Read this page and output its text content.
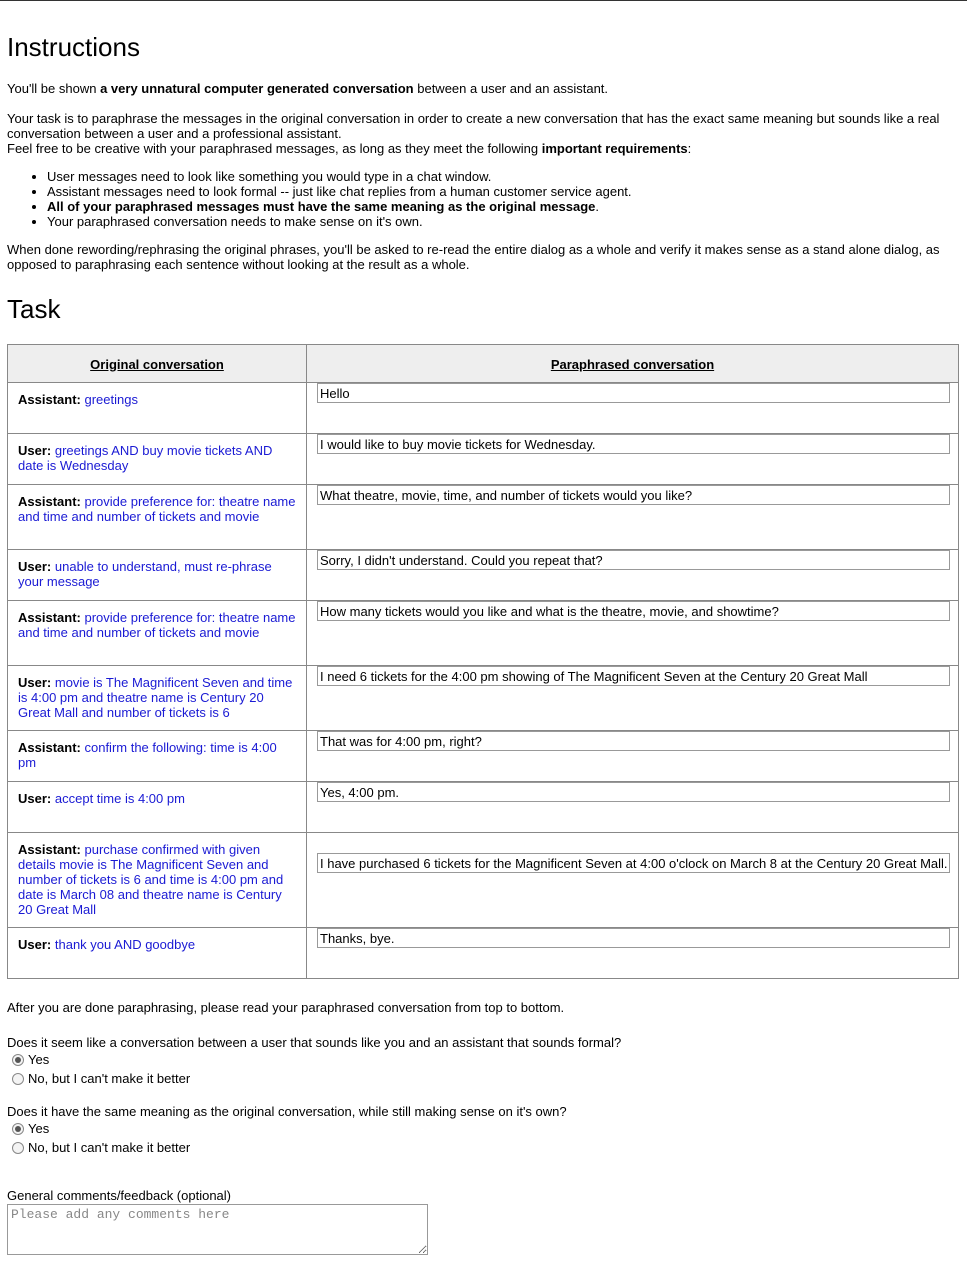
Instructions

You'll be shown a very unnatural computer generated conversation between a user and an assistant.

Your task is to paraphrase the messages in the original conversation in order to create a new conversation that has the exact same meaning but sounds like a real conversation between a user and a professional assistant.

Feel free to be creative with your paraphrased messages, as long as they meet the following important requirements:

• User messages need to look like something you would type in a chat window.
• Assistant messages need to look formal -- just like chat replies from a human customer service agent.
• All of your paraphrased messages must have the same meaning as the original message.
• Your paraphrased conversation needs to make sense on it's own.

When done rewording/rephrasing the original phrases, you'll be asked to re-read the entire dialog as a whole and verify it makes sense as a stand alone dialog, as opposed to paraphrasing each sentence without looking at the result as a whole.

Task
Original conversation	Paraphrased conversation
Assistant: greetings	
Hello
User: greetings AND buy movie tickets AND date is Wednesday	
I would like to buy movie tickets for Wednesday.
Assistant: provide preference for: theatre name and time and number of tickets and movie	
What theatre, movie, time, and number of tickets would you like?
User: unable to understand, must re-phrase your message	
Sorry, I didn't understand. Could you repeat that?
Assistant: provide preference for: theatre name and time and number of tickets and movie	
How many tickets would you like and what is the theatre, movie, and showtime?
User: movie is The Magnificent Seven and time is 4:00 pm and theatre name is Century 20 Great Mall and number of tickets is 6	
I need 6 tickets for the 4:00 pm showing of The Magnificent Seven at the Century 20 Great Mall
Assistant: confirm the following: time is 4:00 pm	
That was for 4:00 pm, right?
User: accept time is 4:00 pm	
Yes, 4:00 pm.
Assistant: purchase confirmed with given details movie is The Magnificent Seven and number of tickets is 6 and time is 4:00 pm and date is March 08 and theatre name is Century 20 Great Mall	
I have purchased 6 tickets for the Magnificent Seven at 4:00 o'clock on March 8 at the Century 20 Great Mall.
User: thank you AND goodbye	
Thanks, bye.

After you are done paraphrasing, please read your paraphrased conversation from top to bottom.

Does it seem like a conversation between a user that sounds like you and an assistant that sounds formal?

Yes
No, but I can't make it better

Does it have the same meaning as the original conversation, while still making sense on it's own?

Yes
No, but I can't make it better

General comments/feedback (optional)

Please add any comments here
